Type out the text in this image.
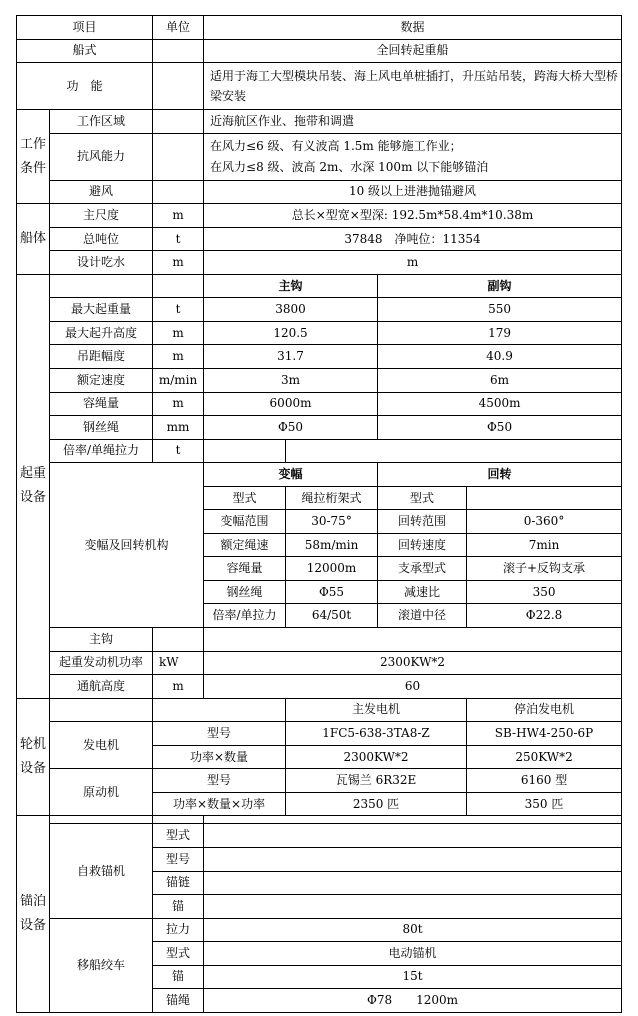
项目		单位	数据			
船式			全回转起重船			
功　能			适用于海工大型模块吊装、海上风电单桩插打，升压站吊装，跨海大桥大型桥梁安装			
工作条件	工作区域		近海航区作业、拖带和调遣			
	抗风能力		在风力≤6 级、有义波高 1.5m 能够施工作业；
在风力≤8 级、波高 2m、水深 100m 以下能够锚泊			

	避风		10 级以上进港抛锚避风			
船体	主尺度	m	总长×型宽×型深: 192.5m*58.4m*10.38m			
	总吨位	t	37848　净吨位：11354			
	设计吃水	m	m			
起重设备			主钩		副钩	
	最大起重量	t	3800		550	
	最大起升高度	m	120.5		179	
	吊距幅度	m	31.7		40.9	
	额定速度	m/min	3m		6m	
	容绳量	m	6000m		4500m	
	钢丝绳	mm	Φ50		Φ50	
	倍率/单绳拉力	t				
	变幅及回转机构		变幅		回转	
			型式	绳拉桁架式	型式	
			变幅范围	30-75°	回转范围	0-360°
			额定绳速	58m/min	回转速度	7min
			容绳量	12000m	支承型式	滚子+反钩支承
			钢丝绳	Φ55	减速比	350
			倍率/单拉力	64/50t	滚道中径	Φ22.8
	主钩					
	起重发动机功率	kW	2300KW*2			
	通航高度	m	60			
轮机设备				主发电机		停泊发电机
	发电机	型号		1FC5-638-3TA8-Z		SB-HW4-250-6P
		功率×数量		2300KW*2		250KW*2
	原动机	型号		瓦锡兰 6R32E		6160 型
		功率×数量×功率		2350 匹		350 匹
锚泊设备						
	自救锚机	型式				
		型号				
		锚链				
		锚				
	移船绞车	拉力	80t			
		型式	电动锚机			
		锚	15t			
		锚绳	Φ78　　1200m			
